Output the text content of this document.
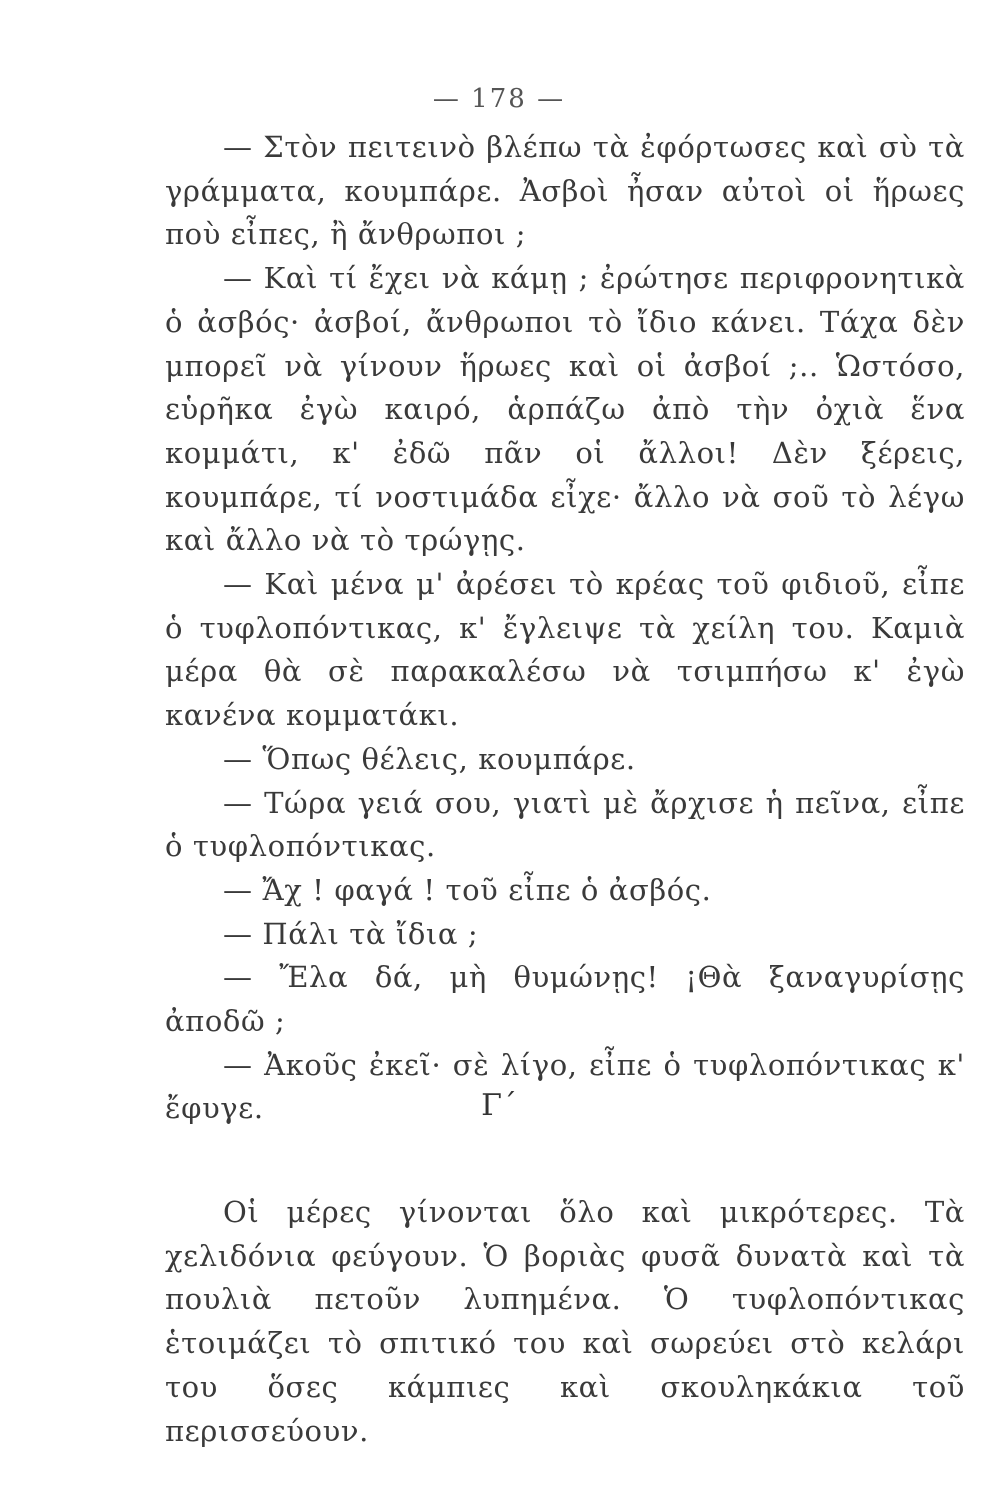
— 178 —

— Στὸν πειτεινὸ βλέπω τὰ ἐφόρτωσες καὶ σὺ τὰ γράμματα, κουμπάρε. Ἀσβοὶ ἦσαν αὐτοὶ οἱ ἥρωες ποὺ εἶπες, ἢ ἄνθρωποι ;

— Καὶ τί ἔχει νὰ κάμῃ ; ἐρώτησε περιφρονητικὰ ὁ ἀσβός· ἀσβοί, ἄνθρωποι τὸ ἴδιο κάνει. Τάχα δὲν μπορεῖ νὰ γίνουν ἥρωες καὶ οἱ ἀσβοί ;.. Ὡστόσο, εὑρῆκα ἐγὼ καιρό, ἁρπάζω ἀπὸ τὴν ὀχιὰ ἕνα κομμάτι, κ' ἐδῶ πᾶν οἱ ἄλλοι! Δὲν ξέρεις, κουμπάρε, τί νοστιμάδα εἶχε· ἄλλο νὰ σοῦ τὸ λέγω καὶ ἄλλο νὰ τὸ τρώγῃς.

— Καὶ μένα μ' ἀρέσει τὸ κρέας τοῦ φιδιοῦ, εἶπε ὁ τυφλοπόντικας, κ' ἔγλειψε τὰ χείλη του. Καμιὰ μέρα θὰ σὲ παρακαλέσω νὰ τσιμπήσω κ' ἐγὼ κανένα κομματάκι.

— Ὅπως θέλεις, κουμπάρε.

— Τώρα γειά σου, γιατὶ μὲ ἄρχισε ἡ πεῖνα, εἶπε ὁ τυφλοπόντικας.

— Ἄχ ! φαγά ! τοῦ εἶπε ὁ ἀσβός.

— Πάλι τὰ ἴδια ;

— Ἔλα δά, μὴ θυμώνῃς! ¡Θὰ ξαναγυρίσῃς ἀποδῶ ;

— Ἀκοῦς ἐκεῖ· σὲ λίγο, εἶπε ὁ τυφλοπόντικας κ' ἔφυγε.	Γ΄

Οἱ μέρες γίνονται ὅλο καὶ μικρότερες. Τὰ χελιδόνια φεύγουν. Ὁ βοριὰς φυσᾶ δυνατὰ καὶ τὰ πουλιὰ πετοῦν λυπημένα. Ὁ τυφλοπόντικας ἑτοιμάζει τὸ σπιτικό του καὶ σωρεύει στὸ κελάρι του ὅσες κάμπιες καὶ σκουληκάκια τοῦ περισσεύουν.
